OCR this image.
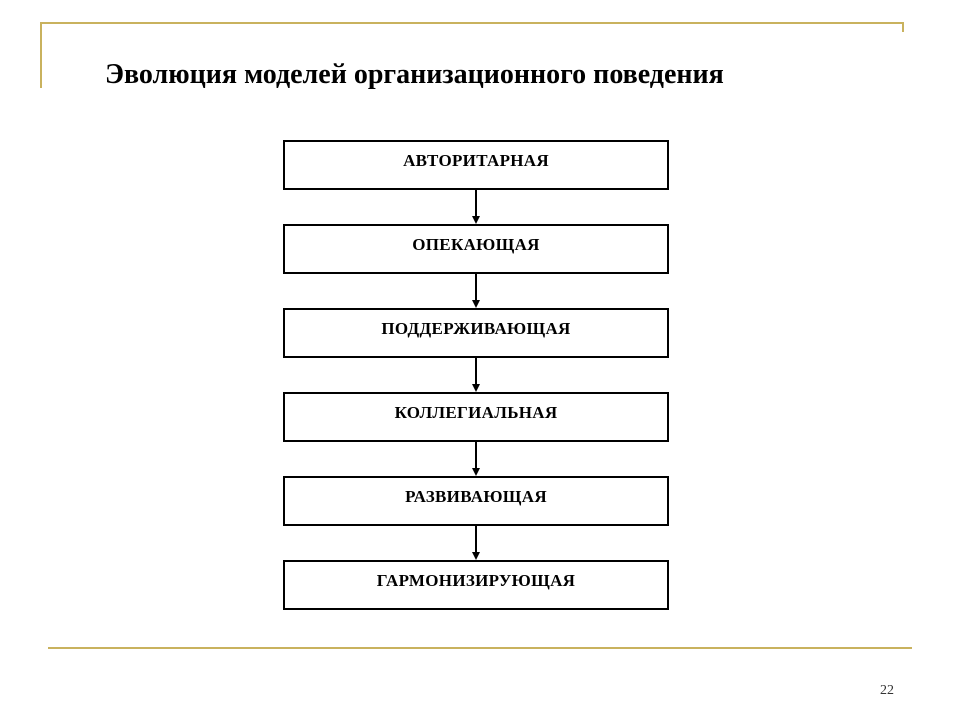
Эволюция моделей организационного поведения
АВТОРИТАРНАЯ
ОПЕКАЮЩАЯ
ПОДДЕРЖИВАЮЩАЯ
КОЛЛЕГИАЛЬНАЯ
РАЗВИВАЮЩАЯ
ГАРМОНИЗИРУЮЩАЯ
22
